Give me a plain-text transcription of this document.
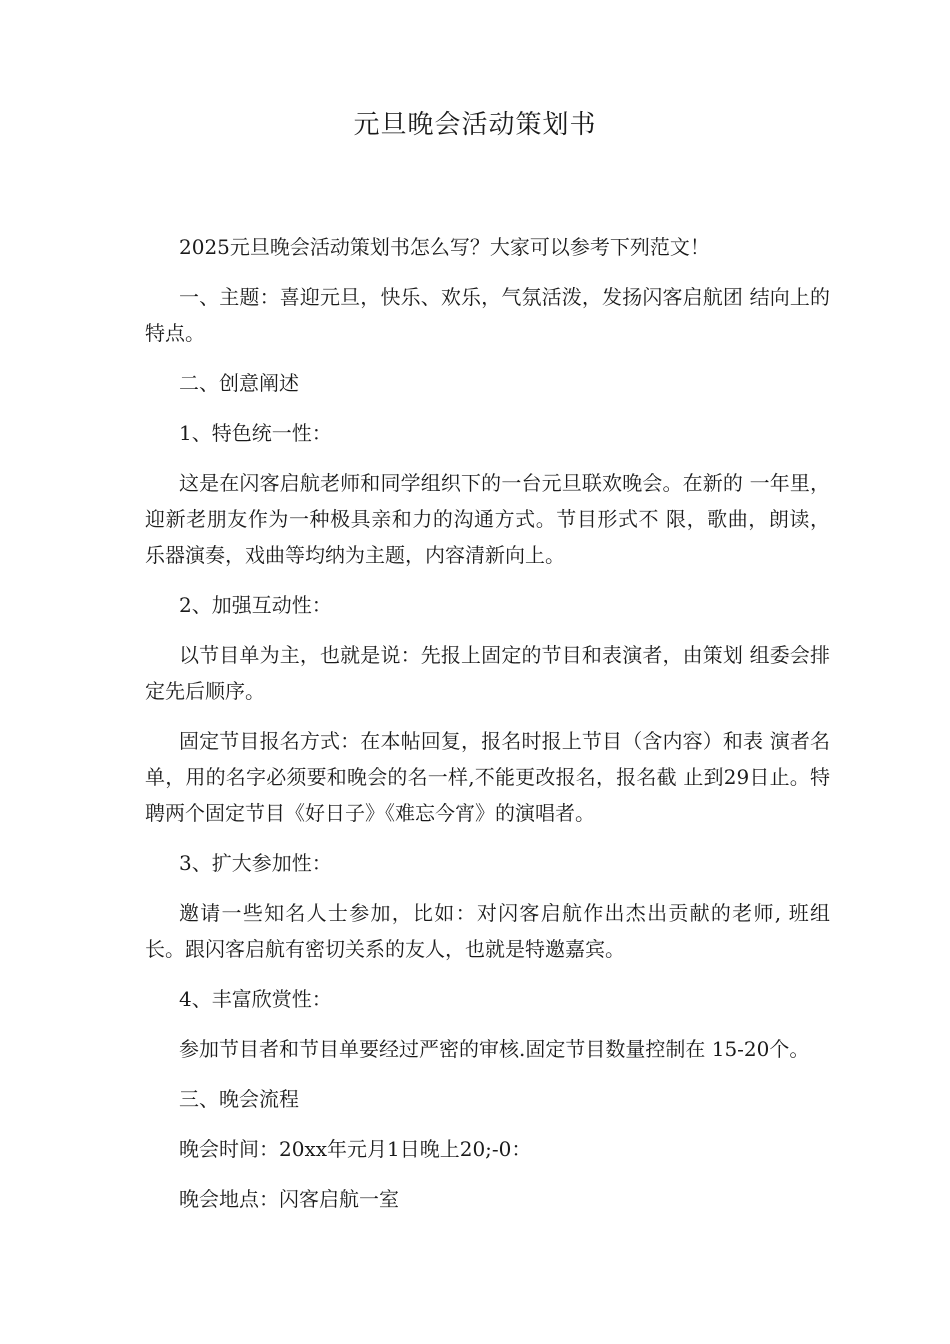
元旦晚会活动策划书

2025元旦晚会活动策划书怎么写？大家可以参考下列范文！

一、主题：喜迎元旦，快乐、欢乐，气氛活泼，发扬闪客启航团 结向上的特点。

二、创意阐述

1、特色统一性：

这是在闪客启航老师和同学组织下的一台元旦联欢晚会。在新的 一年里，迎新老朋友作为一种极具亲和力的沟通方式。节目形式不 限，歌曲，朗读，乐器演奏，戏曲等均纳为主题，内容清新向上。

2、加强互动性：

以节目单为主，也就是说：先报上固定的节目和表演者，由策划 组委会排定先后顺序。

固定节目报名方式：在本帖回复，报名时报上节目（含内容）和表 演者名单，用的名字必须要和晚会的名一样,不能更改报名，报名截 止到29日止。特聘两个固定节目《好日子》《难忘今宵》的演唱者。

3、扩大参加性：

邀请一些知名人士参加，比如：对闪客启航作出杰出贡献的老师, 班组长。跟闪客启航有密切关系的友人，也就是特邀嘉宾。

4、丰富欣赏性：

参加节目者和节目单要经过严密的审核.固定节目数量控制在 15-20个。

三、晚会流程

晚会时间：20xx年元月1日晚上20;-0：

晚会地点：闪客启航一室
